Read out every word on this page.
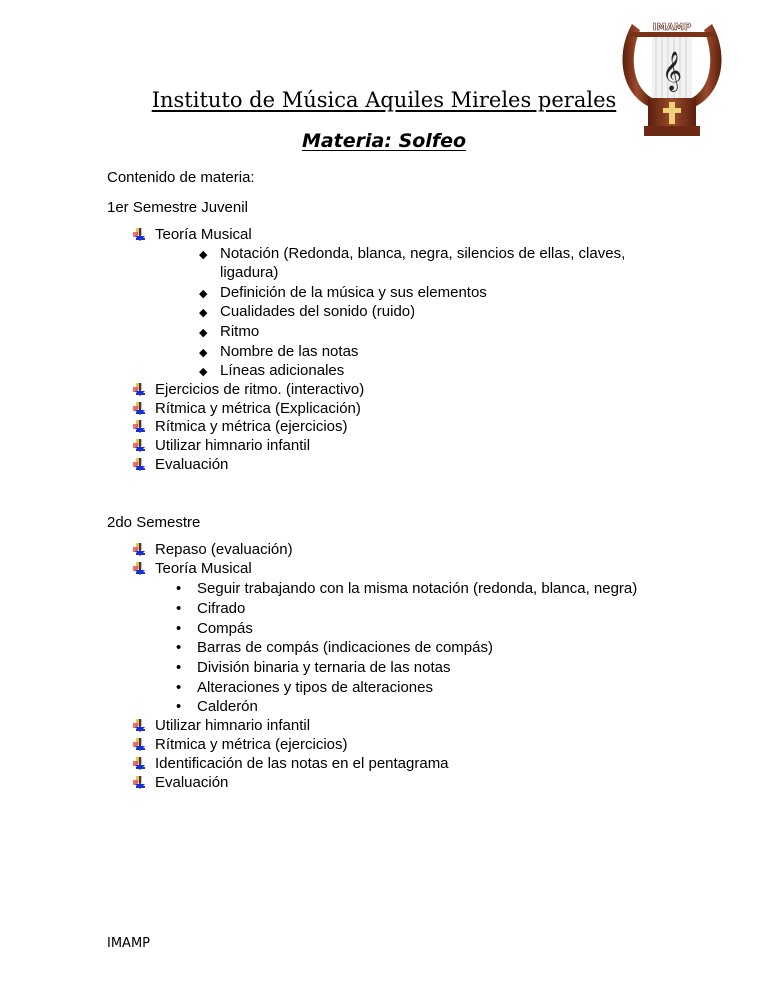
IMAMP
𝄞
Instituto de Música Aquiles Mireles perales
Materia: Solfeo
Contenido de materia:
1er Semestre Juvenil
2do Semestre
IMAMP
Teoría Musical
◆ Notación (Redonda, blanca, negra, silencios de ellas, claves,
ligadura)
◆ Definición de la música y sus elementos
◆ Cualidades del sonido (ruido)
◆ Ritmo
◆ Nombre de las notas
◆ Líneas adicionales
Ejercicios de ritmo. (interactivo)
Rítmica y métrica (Explicación)
Rítmica y métrica (ejercicios)
Utilizar himnario infantil
Evaluación
Repaso (evaluación)
Teoría Musical
• Seguir trabajando con la misma notación (redonda, blanca, negra)
• Cifrado
• Compás
• Barras de compás (indicaciones de compás)
• División binaria y ternaria de las notas
• Alteraciones y tipos de alteraciones
• Calderón
Utilizar himnario infantil
Rítmica y métrica (ejercicios)
Identificación de las notas en el pentagrama
Evaluación
